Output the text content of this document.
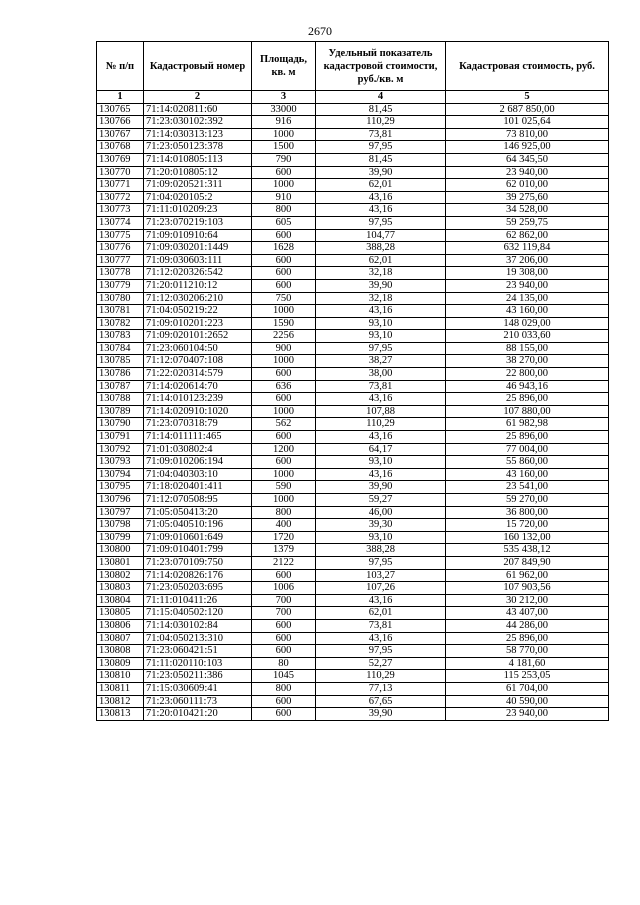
2670
№ п/п	Кадастровый номер	Площадь, кв. м	Удельный показатель кадастровой стоимости, руб./кв. м	Кадастровая стоимость, руб.
1	2	3	4	5
130765	71:14:020811:60	33000	81,45	2 687 850,00
130766	71:23:030102:392	916	110,29	101 025,64
130767	71:14:030313:123	1000	73,81	73 810,00
130768	71:23:050123:378	1500	97,95	146 925,00
130769	71:14:010805:113	790	81,45	64 345,50
130770	71:20:010805:12	600	39,90	23 940,00
130771	71:09:020521:311	1000	62,01	62 010,00
130772	71:04:020105:2	910	43,16	39 275,60
130773	71:11:010209:23	800	43,16	34 528,00
130774	71:23:070219:103	605	97,95	59 259,75
130775	71:09:010910:64	600	104,77	62 862,00
130776	71:09:030201:1449	1628	388,28	632 119,84
130777	71:09:030603:111	600	62,01	37 206,00
130778	71:12:020326:542	600	32,18	19 308,00
130779	71:20:011210:12	600	39,90	23 940,00
130780	71:12:030206:210	750	32,18	24 135,00
130781	71:04:050219:22	1000	43,16	43 160,00
130782	71:09:010201:223	1590	93,10	148 029,00
130783	71:09:020101:2652	2256	93,10	210 033,60
130784	71:23:060104:50	900	97,95	88 155,00
130785	71:12:070407:108	1000	38,27	38 270,00
130786	71:22:020314:579	600	38,00	22 800,00
130787	71:14:020614:70	636	73,81	46 943,16
130788	71:14:010123:239	600	43,16	25 896,00
130789	71:14:020910:1020	1000	107,88	107 880,00
130790	71:23:070318:79	562	110,29	61 982,98
130791	71:14:011111:465	600	43,16	25 896,00
130792	71:01:030802:4	1200	64,17	77 004,00
130793	71:09:010206:194	600	93,10	55 860,00
130794	71:04:040303:10	1000	43,16	43 160,00
130795	71:18:020401:411	590	39,90	23 541,00
130796	71:12:070508:95	1000	59,27	59 270,00
130797	71:05:050413:20	800	46,00	36 800,00
130798	71:05:040510:196	400	39,30	15 720,00
130799	71:09:010601:649	1720	93,10	160 132,00
130800	71:09:010401:799	1379	388,28	535 438,12
130801	71:23:070109:750	2122	97,95	207 849,90
130802	71:14:020826:176	600	103,27	61 962,00
130803	71:23:050203:695	1006	107,26	107 903,56
130804	71:11:010411:26	700	43,16	30 212,00
130805	71:15:040502:120	700	62,01	43 407,00
130806	71:14:030102:84	600	73,81	44 286,00
130807	71:04:050213:310	600	43,16	25 896,00
130808	71:23:060421:51	600	97,95	58 770,00
130809	71:11:020110:103	80	52,27	4 181,60
130810	71:23:050211:386	1045	110,29	115 253,05
130811	71:15:030609:41	800	77,13	61 704,00
130812	71:23:060111:73	600	67,65	40 590,00
130813	71:20:010421:20	600	39,90	23 940,00
